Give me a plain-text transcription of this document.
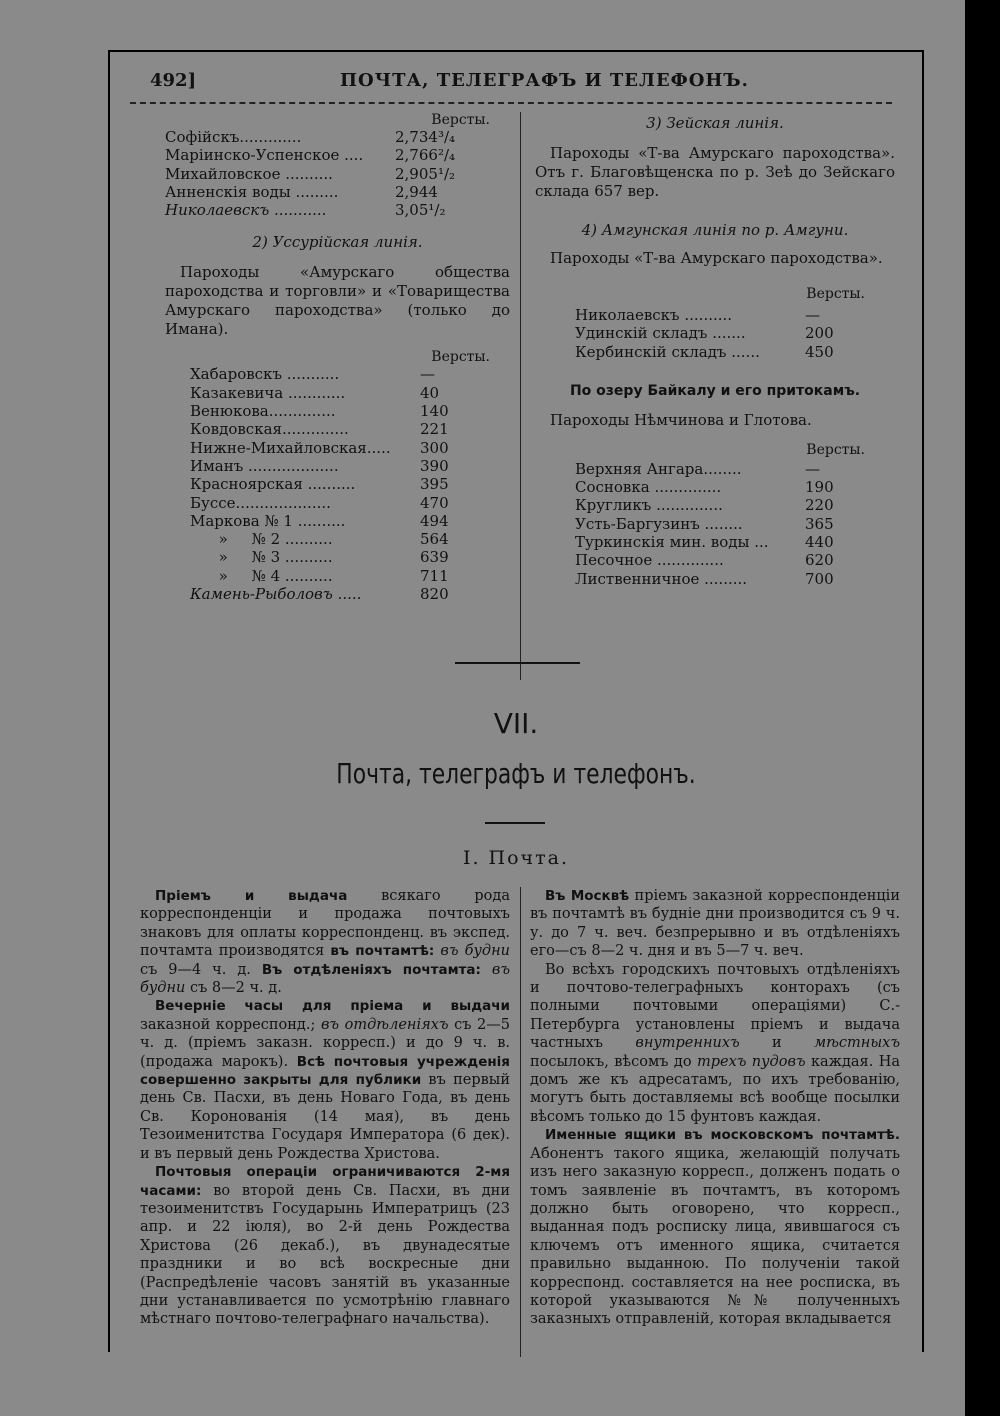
492]	ПОЧТА, ТЕЛЕГРАФЪ И ТЕЛЕФОНЪ.
Версты.
Софійскъ.............	2,734³/₄
Маріинско-Успенское ....	2,766²/₄
Михайловское ..........	2,905¹/₂
Анненскія воды .........	2,944
Николаевскъ ...........	3,05¹/₂
2) Уссурійская линія.
Пароходы «Амурскаго общества пароходства и торговли» и «Товарищества Амурскаго пароходства» (только до Имана).
Версты.
Хабаровскъ ...........	—
Казакевича ............	40
Венюкова..............	140
Ковдовская..............	221
Нижне-Михайловская.....	300
Иманъ ...................	390
Красноярская ..........	395
Буссе....................	470
Маркова № 1 ..........	494
»     № 2 ..........	564
»     № 3 ..........	639
»     № 4 ..........	711
Камень-Рыболовъ .....	820
3) Зейская линія.
Пароходы «Т-ва Амурскаго пароходства». Отъ г. Благовѣщенска по р. Зеѣ до Зейскаго склада 657 вер.
4) Амгунская линія по р. Амгуни.
Пароходы «Т-ва Амурскаго пароходства».
Версты.
Николаевскъ ..........	—
Удинскій складъ .......	200
Кербинскій складъ ......	450
По озеру Байкалу и его притокамъ.
Пароходы Нѣмчинова и Глотова.
Версты.
Верхняя Ангара........	—
Сосновка ..............	190
Кругликъ ..............	220
Усть-Баргузинъ ........	365
Туркинскія мин. воды ...	440
Песочное ..............	620
Лиственничное .........	700
VII.
Почта, телеграфъ и телефонъ.
I. Почта.

Пріемъ и выдача всякаго рода корреспонденціи и продажа почтовыхъ знаковъ для оплаты корреспонденц. въ экспед. почтамта производятся въ почтамтѣ: въ будни съ 9—4 ч. д. Въ отдѣленіяхъ почтамта: въ будни съ 8—2 ч. д.

Вечерніе часы для пріема и выдачи заказной корреспонд.; въ отдѣленіяхъ съ 2—5 ч. д. (пріемъ заказн. корресп.) и до 9 ч. в. (продажа марокъ). Всѣ почтовыя учрежденія совершенно закрыты для публики въ первый день Св. Пасхи, въ день Новаго Года, въ день Св. Коронованія (14 мая), въ день Тезоименитства Государя Императора (6 дек). и въ первый день Рождества Христова.

Почтовыя операціи ограничиваются 2-мя часами: во второй день Св. Пасхи, въ дни тезоименитствъ Государынь Императрицъ (23 апр. и 22 іюля), во 2-й день Рождества Христова (26 декаб.), въ двунадесятые праздники и во всѣ воскресные дни (Распредѣленіе часовъ занятій въ указанные дни устанавливается по усмотрѣнію главнаго мѣстнаго почтово-телеграфнаго начальства).

Въ Москвѣ пріемъ заказной корреспонденціи въ почтамтѣ въ будніе дни производится съ 9 ч. у. до 7 ч. веч. безпрерывно и въ отдѣленіяхъ его—съ 8—2 ч. дня и въ 5—7 ч. веч.

Во всѣхъ городскихъ почтовыхъ отдѣленіяхъ и почтово-телеграфныхъ конторахъ (съ полными почтовыми операціями) С.-Петербурга установлены пріемъ и выдача частныхъ внутреннихъ и мѣстныхъ посылокъ, вѣсомъ до трехъ пудовъ каждая. На домъ же къ адресатамъ, по ихъ требованію, могутъ быть доставляемы всѣ вообще посылки вѣсомъ только до 15 фунтовъ каждая.

Именные ящики въ московскомъ почтамтѣ. Абонентъ такого ящика, желающій получать изъ него заказную корресп., долженъ подать о томъ заявленіе въ почтамтъ, въ которомъ должно быть оговорено, что корресп., выданная подъ росписку лица, явившагося съ ключемъ отъ именного ящика, считается правильно выданною. По полученіи такой корреспонд. составляется на нее росписка, въ которой указываются №№ полученныхъ заказныхъ отправленій, которая вкладывается
